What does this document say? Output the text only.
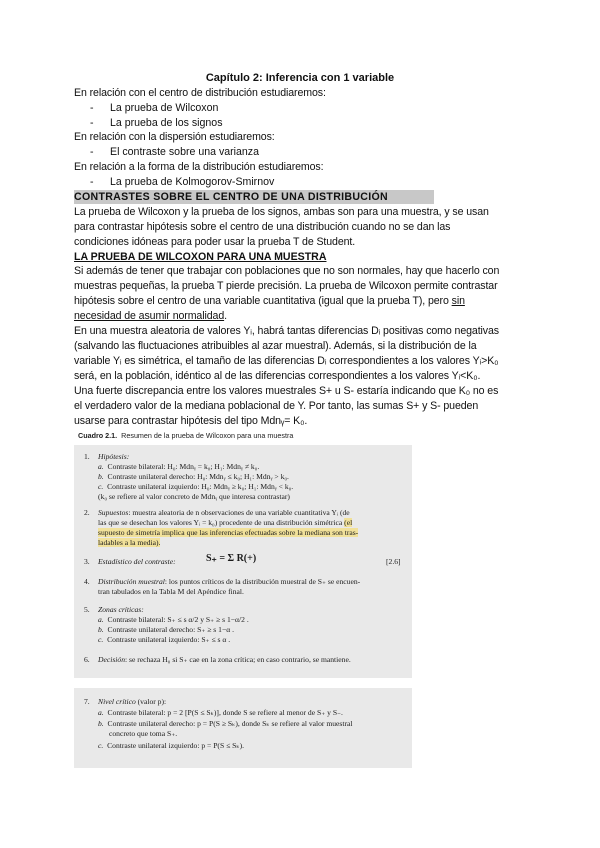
Capítulo 2: Inferencia con 1 variable
En relación con el centro de distribución estudiaremos:
- La prueba de Wilcoxon
- La prueba de los signos
En relación con la dispersión estudiaremos:
- El contraste sobre una varianza
En relación a la forma de la distribución estudiaremos:
- La prueba de Kolmogorov-Smirnov
CONTRASTES SOBRE EL CENTRO DE UNA DISTRIBUCIÓN
La prueba de Wilcoxon y la prueba de los signos, ambas son para una muestra, y se usan
para contrastar hipótesis sobre el centro de una distribución cuando no se dan las
condiciones idóneas para poder usar la prueba T de Student.
LA PRUEBA DE WILCOXON PARA UNA MUESTRA
Si además de tener que trabajar con poblaciones que no son normales, hay que hacerlo con
muestras pequeñas, la prueba T pierde precisión. La prueba de Wilcoxon permite contrastar
hipótesis sobre el centro de una variable cuantitativa (igual que la prueba T), pero sin
necesidad de asumir normalidad.
En una muestra aleatoria de valores Yᵢ, habrá tantas diferencias Dᵢ positivas como negativas
(salvando las fluctuaciones atribuibles al azar muestral). Además, si la distribución de la
variable Yᵢ es simétrica, el tamaño de las diferencias Dᵢ correspondientes a los valores Yᵢ>K₀
será, en la población, idéntico al de las diferencias correspondientes a los valores Yᵢ<K₀.
Una fuerte discrepancia entre los valores muestrales S+ u S- estaría indicando que K₀ no es
el verdadero valor de la mediana poblacional de Y. Por tanto, las sumas S+ y S- pueden
usarse para contrastar hipótesis del tipo Mdnᵧ= K₀.
Cuadro 2.1. Resumen de la prueba de Wilcoxon para una muestra
1. Hipótesis:
a. Contraste bilateral: H₀: Mdnᵧ = k₀; H₁: Mdnᵧ ≠ k₀.
b. Contraste unilateral derecho: H₀: Mdnᵧ ≤ k₀; H₁: Mdnᵧ > k₀.
c. Contraste unilateral izquierdo: H₀: Mdnᵧ ≥ k₀; H₁: Mdnᵧ < k₀.
(k₀ se refiere al valor concreto de Mdnᵧ que interesa contrastar)
2. Supuestos: muestra aleatoria de n observaciones de una variable cuantitativa Yᵢ (de
las que se desechan los valores Yᵢ = k₀) procedente de una distribución simétrica (el
supuesto de simetría implica que las inferencias efectuadas sobre la mediana son tras-
ladables a la media).
3. Estadístico del contraste:	S₊ = Σ R(+)	[2.6]
4. Distribución muestral: los puntos críticos de la distribución muestral de S₊ se encuen-
tran tabulados en la Tabla M del Apéndice final.
5. Zonas críticas:
a. Contraste bilateral: S₊ ≤ s α/2 y S₊ ≥ s 1−α/2 .
b. Contraste unilateral derecho: S₊ ≥ s 1−α .
c. Contraste unilateral izquierdo: S₊ ≤ s α .
6. Decisión: se rechaza H₀ si S₊ cae en la zona crítica; en caso contrario, se mantiene.
7. Nivel crítico (valor p):
a. Contraste bilateral: p = 2 [P(S ≤ Sₖ)], donde S se refiere al menor de S₊ y S₋.
b. Contraste unilateral derecho: p = P(S ≥ Sₖ), donde Sₖ se refiere al valor muestral
concreto que toma S₊.
c. Contraste unilateral izquierdo: p = P(S ≤ Sₖ).
